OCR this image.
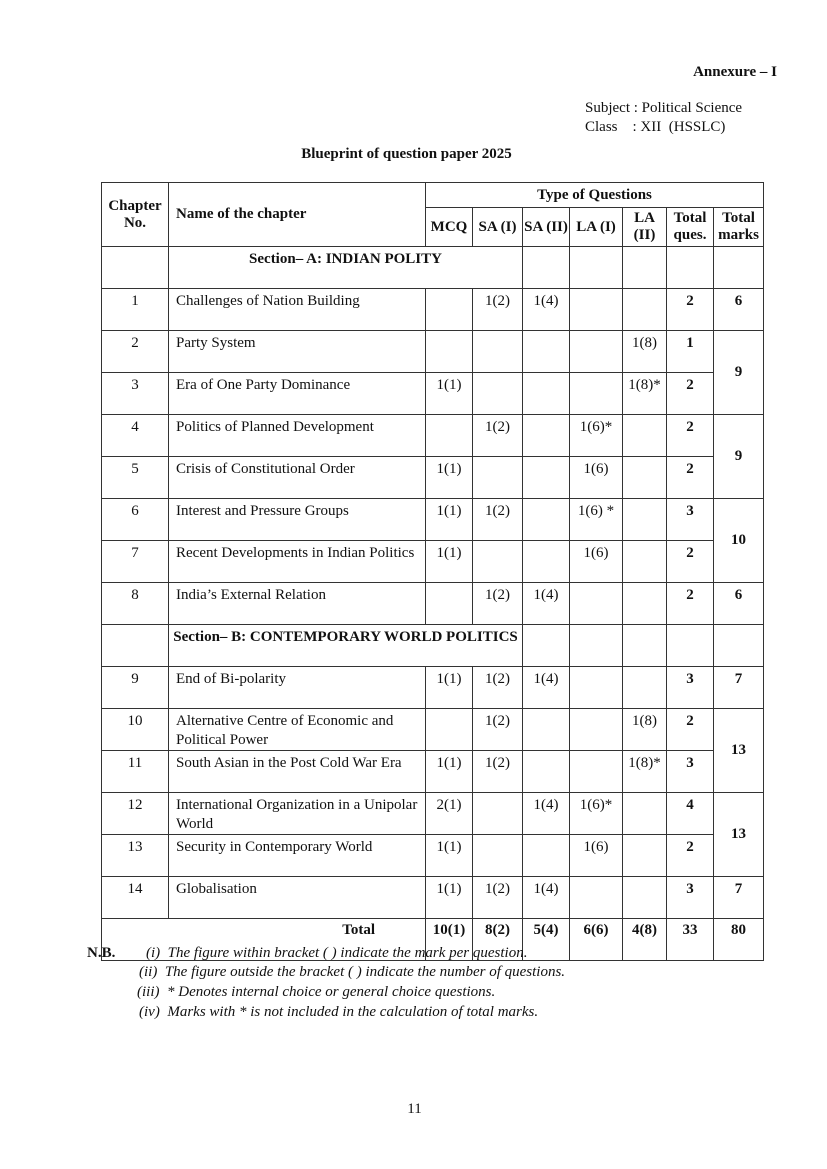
Annexure – I
Subject : Political Science
Class    : XII  (HSSLC)
Blueprint of question paper 2025
Chapter No.	Name of the chapter	Type of Questions						
		MCQ	SA (I)	SA (II)	LA (I)	LA (II)	Total ques.	Total marks
	Section– A: INDIAN POLITY							
1	Challenges of Nation Building		1(2)	1(4)			2	6
2	Party System					1(8)	1	9
3	Era of One Party Dominance	1(1)				1(8)*	2	
4	Politics of Planned Development		1(2)		1(6)*		2	9
5	Crisis of Constitutional Order	1(1)			1(6)		2	
6	Interest and Pressure Groups	1(1)	1(2)		1(6) *		3	10
7	Recent Developments in Indian Politics	1(1)			1(6)		2	
8	India’s External Relation		1(2)	1(4)			2	6
	Section– B: CONTEMPORARY WORLD POLITICS							
9	End of Bi-polarity	1(1)	1(2)	1(4)			3	7
10	Alternative Centre of Economic and Political Power		1(2)			1(8)	2	13
11	South Asian in the Post Cold War Era	1(1)	1(2)			1(8)*	3	
12	International Organization in a Unipolar World	2(1)		1(4)	1(6)*		4	13
13	Security in Contemporary World	1(1)			1(6)		2	
14	Globalisation	1(1)	1(2)	1(4)			3	7
Total		10(1)	8(2)	5(4)	6(6)	4(8)	33	80
N.B. (i) The figure within bracket ( ) indicate the mark per question.
(ii) The figure outside the bracket ( ) indicate the number of questions.
(iii) * Denotes internal choice or general choice questions.
(iv) Marks with * is not included in the calculation of total marks.
11
